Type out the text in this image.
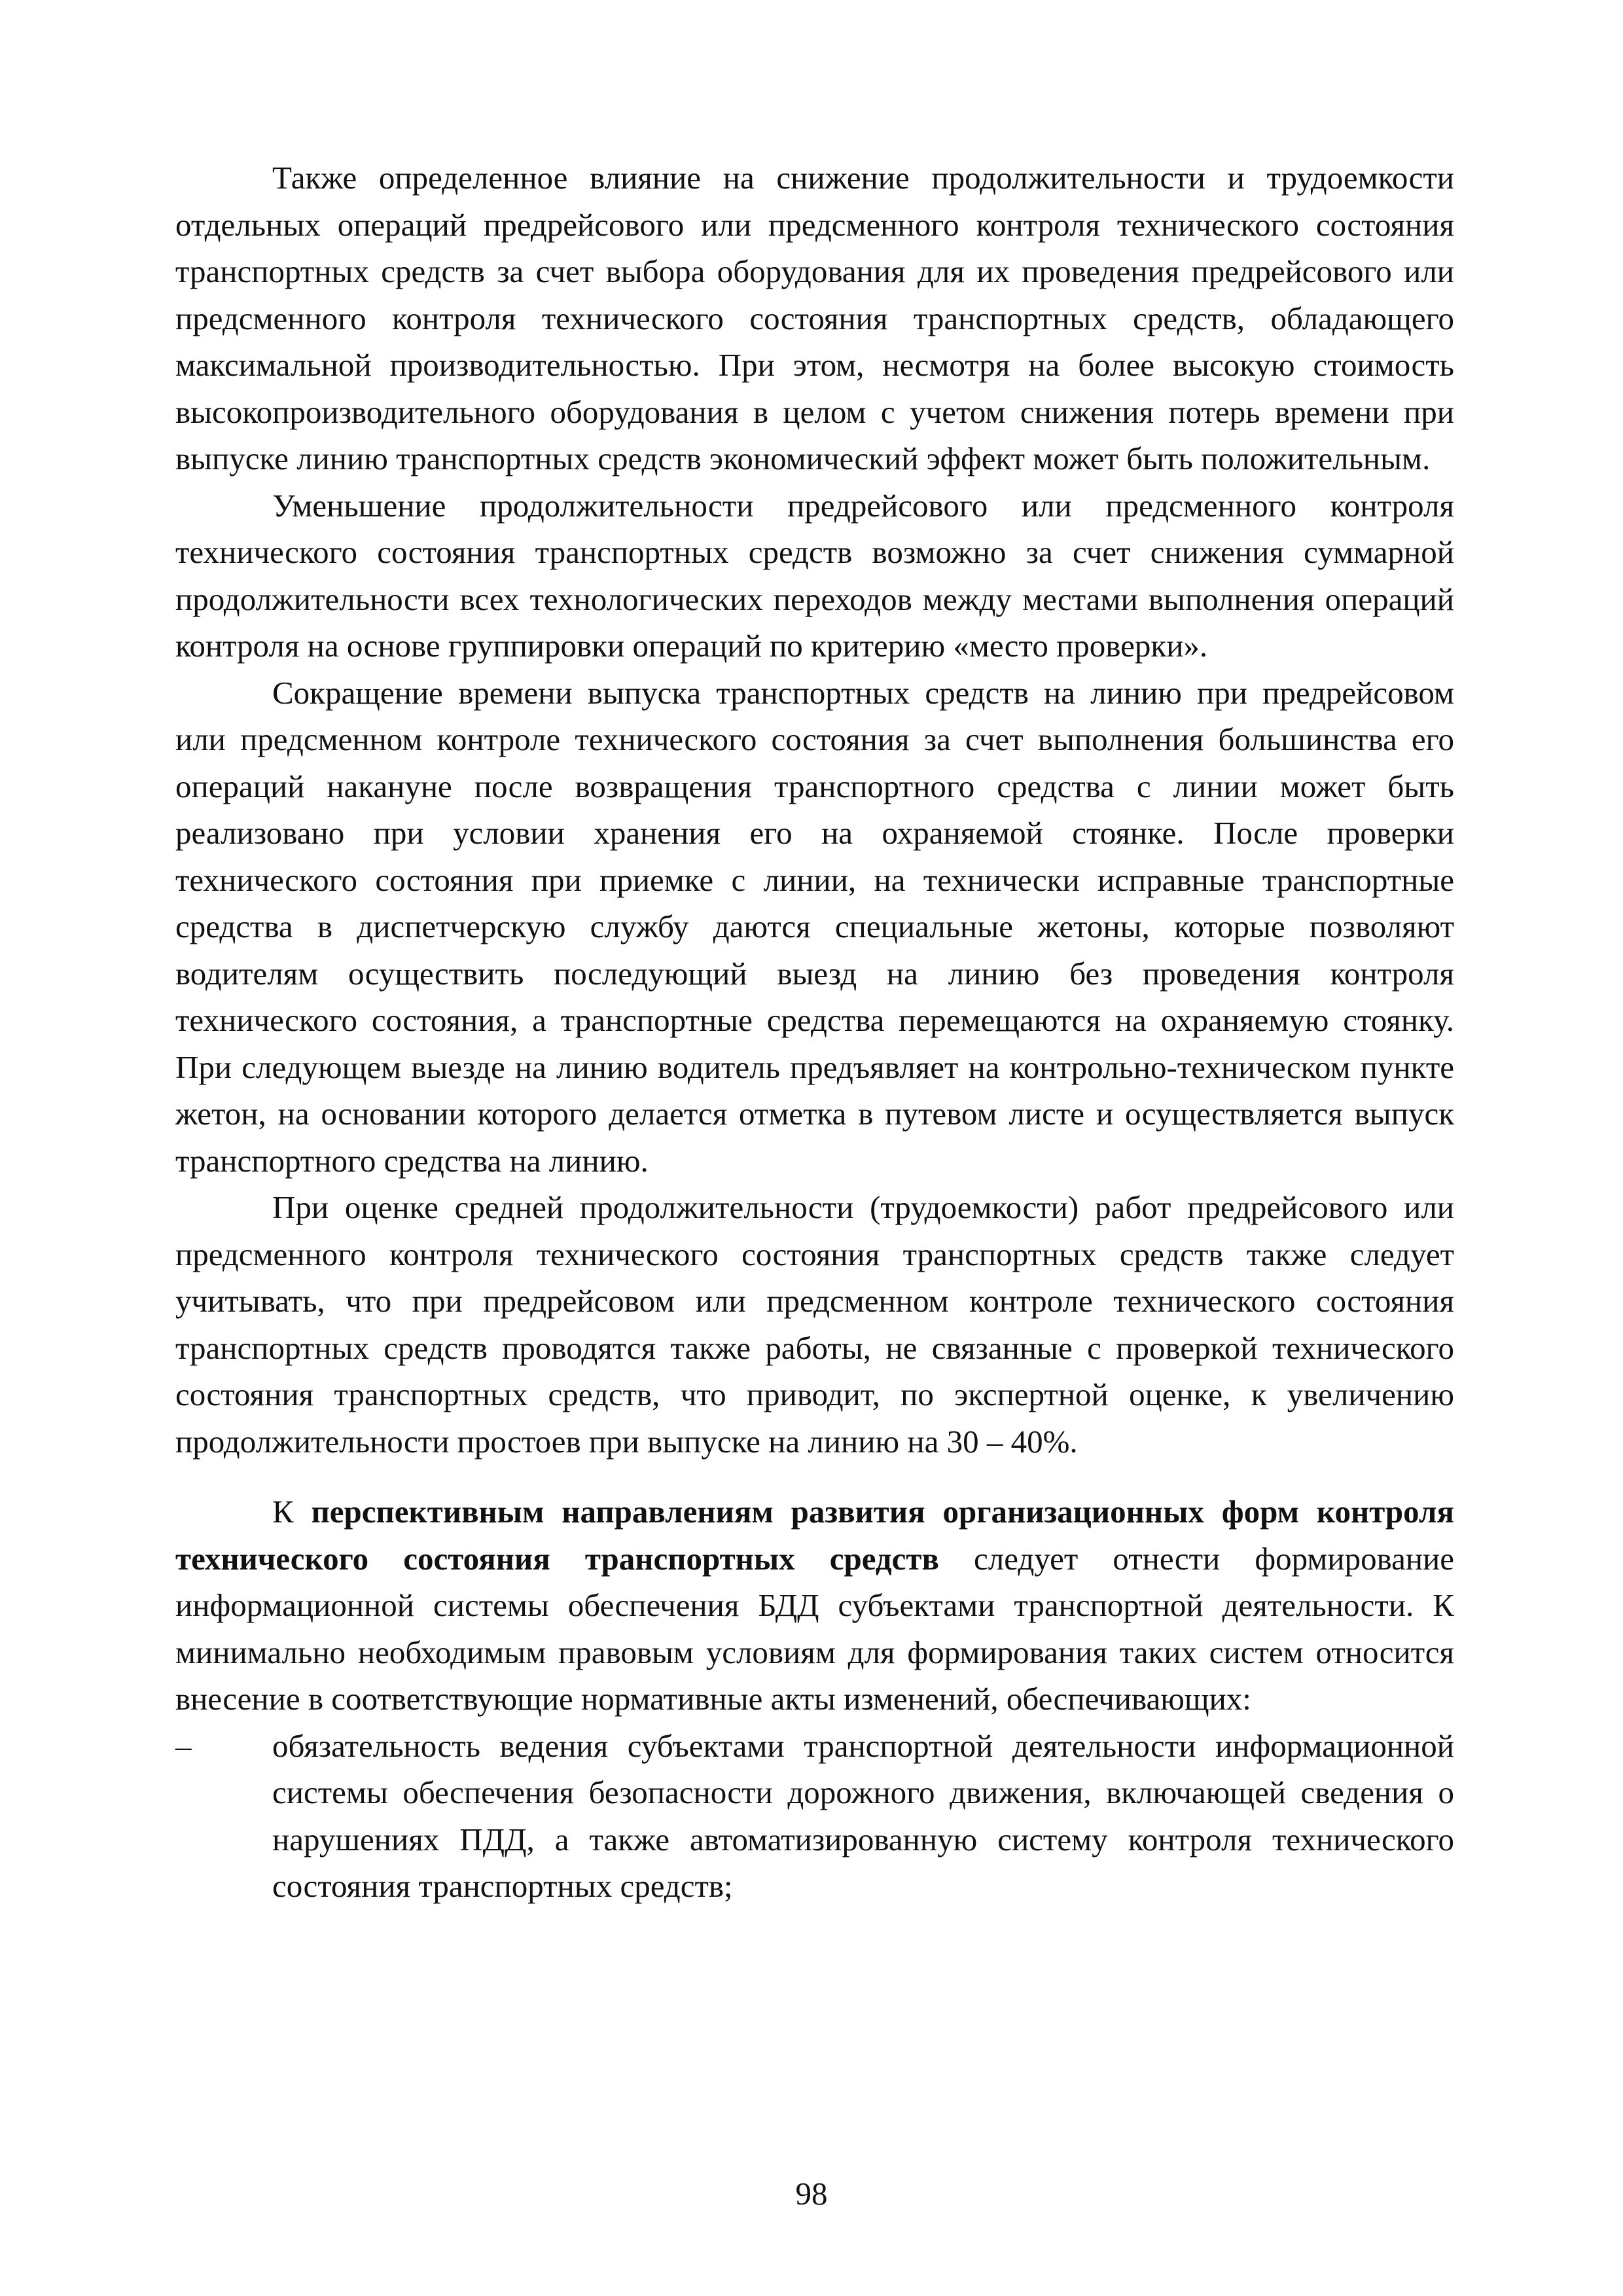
Также определенное влияние на снижение продолжительности и трудоемкости отдельных операций предрейсового или предсменного контроля технического состояния транспортных средств за счет выбора оборудования для их проведения предрейсового или предсменного контроля технического состояния транспортных средств, обладающего максимальной производительностью. При этом, несмотря на более высокую стоимость высокопроизводительного оборудования в целом с учетом снижения потерь времени при выпуске линию транспортных средств экономический эффект может быть положительным.

Уменьшение продолжительности предрейсового или предсменного контроля технического состояния транспортных средств возможно за счет снижения суммарной продолжительности всех технологических переходов между местами выполнения операций контроля на основе группировки операций по критерию «место проверки».

Сокращение времени выпуска транспортных средств на линию при предрейсовом или предсменном контроле технического состояния за счет выполнения большинства его операций накануне после возвращения транспортного средства с линии может быть реализовано при условии хранения его на охраняемой стоянке. После проверки технического состояния при приемке с линии, на технически исправные транспортные средства в диспетчерскую службу даются специальные жетоны, которые позволяют водителям осуществить последующий выезд на линию без проведения контроля технического состояния, а транспортные средства перемещаются на охраняемую стоянку. При следующем выезде на линию водитель предъявляет на контрольно-техническом пункте жетон, на основании которого делается отметка в путевом листе и осуществляется выпуск транспортного средства на линию.

При оценке средней продолжительности (трудоемкости) работ предрейсового или предсменного контроля технического состояния транспортных средств также следует учитывать, что при предрейсовом или предсменном контроле технического состояния транспортных средств проводятся также работы, не связанные с проверкой технического состояния транспортных средств, что приводит, по экспертной оценке, к увеличению продолжительности простоев при выпуске на линию на 30 – 40%.

К перспективным направлениям развития организационных форм контроля технического состояния транспортных средств следует отнести формирование информационной системы обеспечения БДД субъектами транспортной деятельности. К минимально необходимым правовым условиям для формирования таких систем относится внесение в соответствующие нормативные акты изменений, обеспечивающих:

–	обязательность ведения субъектами транспортной деятельности информационной системы обеспечения безопасности дорожного движения, включающей сведения о нарушениях ПДД, а также автоматизированную систему контроля технического состояния транспортных средств;
98
